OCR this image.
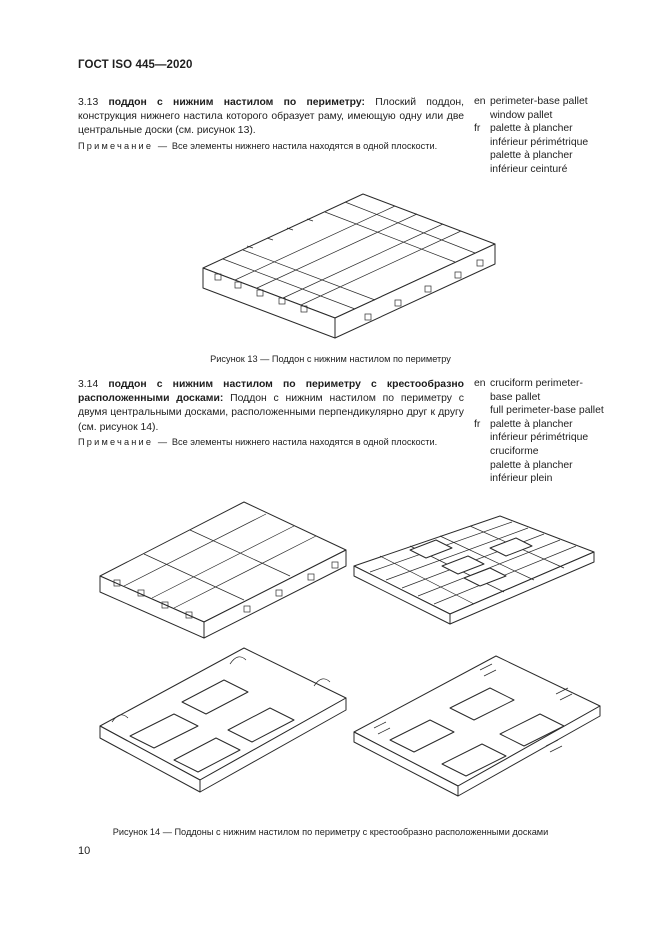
ГОСТ ISO 445—2020
3.13 поддон с нижним настилом по периметру: Плоский поддон, конструкция нижнего настила которого образует раму, имеющую одну или две центральные доски (см. рисунок 13).
Примечание — Все элементы нижнего настила находятся в одной плоскости.
en perimeter-base pallet
window pallet
fr palette à plancher
inférieur périmétrique
palette à plancher
inférieur ceinturé
Рисунок 13 — Поддон с нижним настилом по периметру
3.14 поддон с нижним настилом по периметру с крестообразно расположенными досками: Поддон с нижним настилом по периметру с двумя центральными досками, расположенными перпендикулярно друг к другу (см. рисунок 14).
Примечание — Все элементы нижнего настила находятся в одной плоскости.
en cruciform perimeter-
base pallet
full perimeter-base pallet
fr palette à plancher
inférieur périmétrique
cruciforme
palette à plancher
inférieur plein
Рисунок 14 — Поддоны с нижним настилом по периметру с крестообразно расположенными досками
10
